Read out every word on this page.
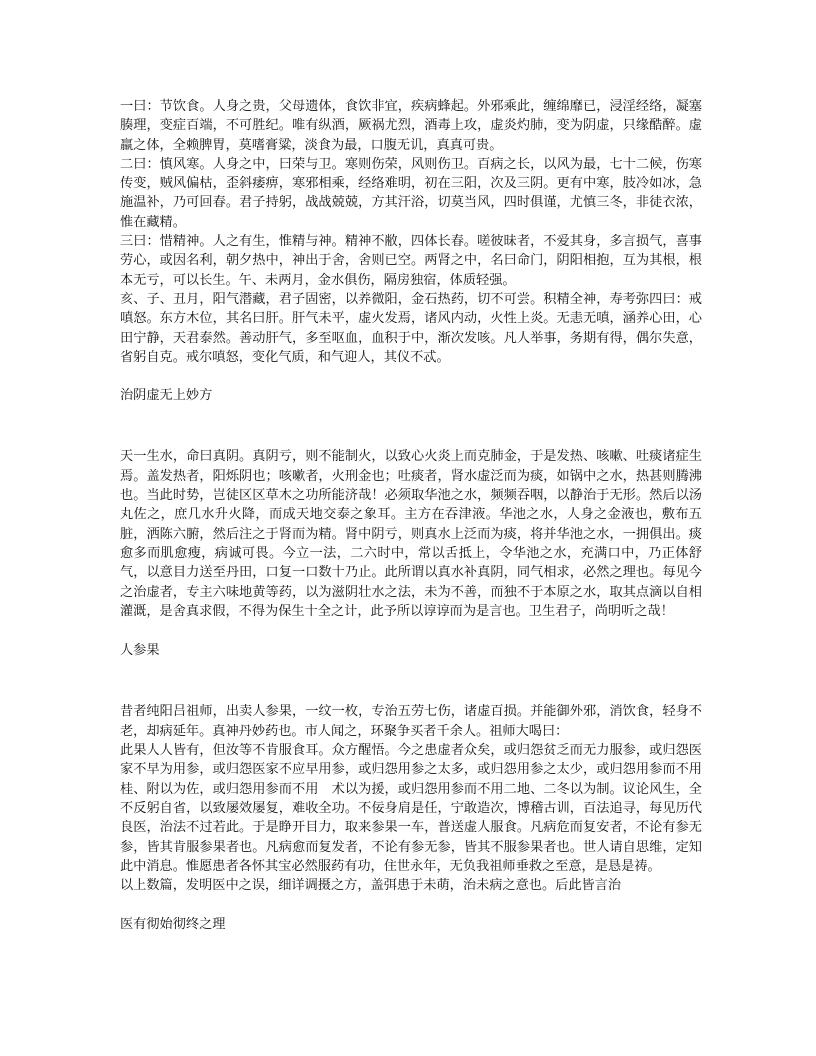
一曰：节饮食。人身之贵，父母遗体，食饮非宜，疾病蜂起。外邪乘此，缠绵靡已，浸淫经络，凝塞腠理，变症百端，不可胜纪。唯有纵酒，厥祸尤烈，酒毒上攻，虚炎灼肺，变为阴虚，只缘酷醉。虚羸之体，全赖脾胃，莫嗜膏粱，淡食为最，口腹无讥，真真可贵。

二曰：慎风寒。人身之中，曰荣与卫。寒则伤荣，风则伤卫。百病之长，以风为最，七十二候，伤寒传变，贼风偏枯，歪斜痿痹，寒邪相乘，经络难明，初在三阳，次及三阴。更有中寒，肢冷如冰，急施温补，乃可回春。君子持躬，战战兢兢，方其汗浴，切莫当风，四时俱谨，尤慎三冬，非徒衣浓，惟在藏精。

三曰：惜精神。人之有生，惟精与神。精神不敝，四体长春。嗟彼昧者，不爱其身，多言损气，喜事劳心，或因名利，朝夕热中，神出于舍，舍则已空。两肾之中，名曰命门，阴阳相抱，互为其根，根本无亏，可以长生。午、未两月，金水俱伤，隔房独宿，体质轻强。

亥、子、丑月，阳气潜藏，君子固密，以养微阳，金石热药，切不可尝。积精全神，寿考弥四曰：戒嗔怒。东方木位，其名曰肝。肝气未平，虚火发焉，诸风内动，火性上炎。无恚无嗔，涵养心田，心田宁静，天君泰然。善动肝气，多至呕血，血积于中，渐次发咳。凡人举事，务期有得，偶尔失意，省躬自克。戒尔嗔怒，变化气质，和气迎人，其仪不忒。

治阴虚无上妙方

天一生水，命曰真阴。真阴亏，则不能制火，以致心火炎上而克肺金，于是发热、咳嗽、吐痰诸症生焉。盖发热者，阳烁阴也；咳嗽者，火刑金也；吐痰者，肾水虚泛而为痰，如锅中之水，热甚则腾沸也。当此时势，岂徒区区草木之功所能济哉！必须取华池之水，频频吞咽，以静治于无形。然后以汤丸佐之，庶几水升火降，而成天地交泰之象耳。主方在吞津液。华池之水，人身之金液也，敷布五脏，洒陈六腑，然后注之于肾而为精。肾中阴亏，则真水上泛而为痰，将并华池之水，一拥俱出。痰愈多而肌愈瘦，病诚可畏。今立一法，二六时中，常以舌抵上，令华池之水，充满口中，乃正体舒气，以意目力送至丹田，口复一口数十乃止。此所谓以真水补真阴，同气相求，必然之理也。每见今之治虚者，专主六味地黄等药，以为滋阴壮水之法，未为不善，而独不于本原之水，取其点滴以自相灌溉，是舍真求假，不得为保生十全之计，此予所以谆谆而为是言也。卫生君子，尚明听之哉！

人参果

昔者纯阳吕祖师，出卖人参果，一纹一枚，专治五劳七伤，诸虚百损。并能御外邪，消饮食，轻身不老，却病延年。真神丹妙药也。市人闻之，环聚争买者千余人。祖师大喝曰：

此果人人皆有，但汝等不肯服食耳。众方醒悟。今之患虚者众矣，或归怨贫乏而无力服参，或归怨医家不早为用参，或归怨医家不应早用参，或归怨用参之太多，或归怨用参之太少，或归怨用参而不用桂、附以为佐，或归怨用参而不用　术以为援，或归怨用参而不用二地、二冬以为制。议论风生，全不反躬自省，以致屡效屡复，难收全功。不佞身肩是任，宁敢造次，博稽古训，百法追寻，每见历代良医，治法不过若此。于是睁开目力，取来参果一车，普送虚人服食。凡病危而复安者，不论有参无参，皆其肯服参果者也。凡病愈而复发者，不论有参无参，皆其不服参果者也。世人请自思维，定知此中消息。惟愿患者各怀其宝必然服药有功，住世永年，无负我祖师垂救之至意，是恳是祷。

以上数篇，发明医中之误，细详调摄之方，盖弭患于未萌，治未病之意也。后此皆言治

医有彻始彻终之理
